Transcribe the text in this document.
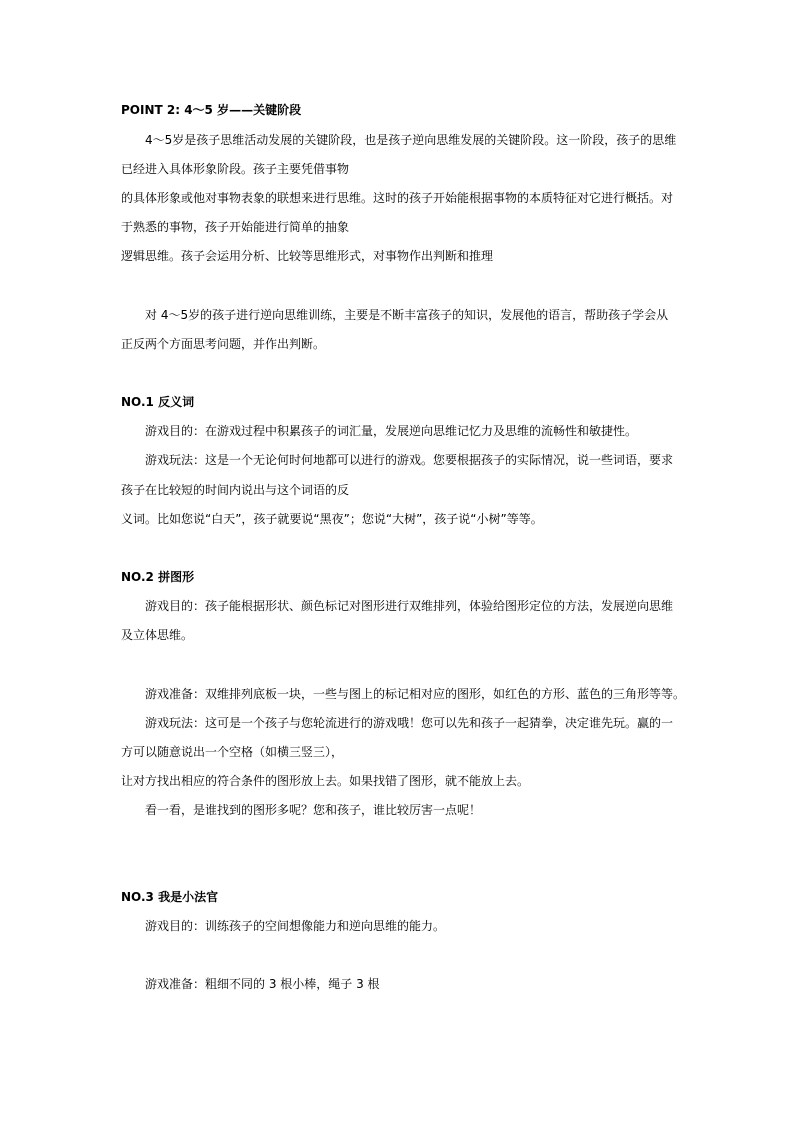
POINT 2: 4～5 岁——关键阶段
4～5岁是孩子思维活动发展的关键阶段，也是孩子逆向思维发展的关键阶段。这一阶段，孩子的思维
已经进入具体形象阶段。孩子主要凭借事物
的具体形象或他对事物表象的联想来进行思维。这时的孩子开始能根据事物的本质特征对它进行概括。对
于熟悉的事物，孩子开始能进行简单的抽象
逻辑思维。孩子会运用分析、比较等思维形式，对事物作出判断和推理
对 4～5岁的孩子进行逆向思维训练，主要是不断丰富孩子的知识，发展他的语言，帮助孩子学会从
正反两个方面思考问题，并作出判断。
NO.1 反义词
游戏目的：在游戏过程中积累孩子的词汇量，发展逆向思维记忆力及思维的流畅性和敏捷性。
游戏玩法：这是一个无论何时何地都可以进行的游戏。您要根据孩子的实际情况，说一些词语，要求
孩子在比较短的时间内说出与这个词语的反
义词。比如您说“白天”，孩子就要说“黑夜”；您说“大树”，孩子说“小树”等等。
NO.2 拼图形
游戏目的：孩子能根据形状、颜色标记对图形进行双维排列，体验给图形定位的方法，发展逆向思维
及立体思维。
游戏准备：双维排列底板一块，一些与图上的标记相对应的图形，如红色的方形、蓝色的三角形等等。
游戏玩法：这可是一个孩子与您轮流进行的游戏哦！您可以先和孩子一起猜拳，决定谁先玩。赢的一
方可以随意说出一个空格（如横三竖三），
让对方找出相应的符合条件的图形放上去。如果找错了图形，就不能放上去。
看一看，是谁找到的图形多呢？您和孩子，谁比较厉害一点呢！
NO.3 我是小法官
游戏目的：训练孩子的空间想像能力和逆向思维的能力。
游戏准备：粗细不同的 3 根小棒，绳子 3 根
